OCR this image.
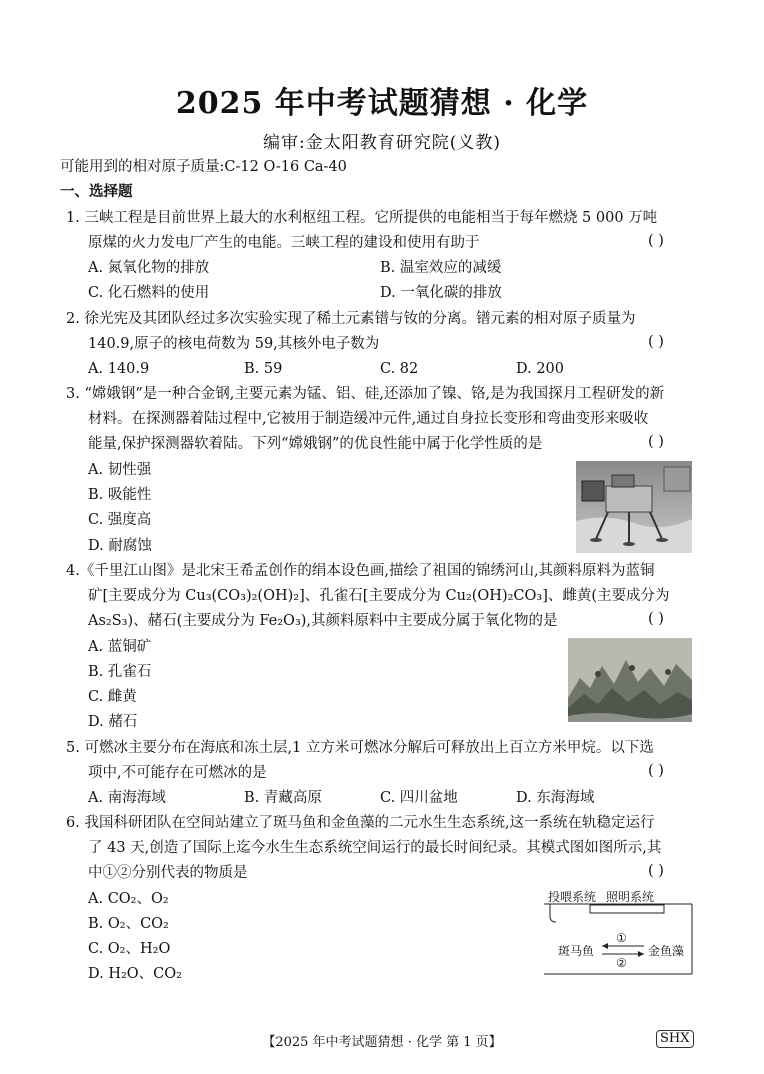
2025 年中考试题猜想 · 化学
编审:金太阳教育研究院(义教)
可能用到的相对原子质量:C-12 O-16 Ca-40
一、选择题
1. 三峡工程是目前世界上最大的水利枢纽工程。它所提供的电能相当于每年燃烧 5 000 万吨
原煤的火力发电厂产生的电能。三峡工程的建设和使用有助于	( )
A. 氮氧化物的排放	B. 温室效应的减缓
C. 化石燃料的使用	D. 一氧化碳的排放
2. 徐光宪及其团队经过多次实验实现了稀土元素镨与钕的分离。镨元素的相对原子质量为
140.9,原子的核电荷数为 59,其核外电子数为	( )
A. 140.9	B. 59	C. 82	D. 200
3. “嫦娥钢”是一种合金钢,主要元素为锰、铝、硅,还添加了镍、铬,是为我国探月工程研发的新
材料。在探测器着陆过程中,它被用于制造缓冲元件,通过自身拉长变形和弯曲变形来吸收
能量,保护探测器软着陆。下列“嫦娥钢”的优良性能中属于化学性质的是	( )
A. 韧性强
B. 吸能性
C. 强度高
D. 耐腐蚀
4.《千里江山图》是北宋王希孟创作的绢本设色画,描绘了祖国的锦绣河山,其颜料原料为蓝铜
矿[主要成分为 Cu₃(CO₃)₂(OH)₂]、孔雀石[主要成分为 Cu₂(OH)₂CO₃]、雌黄(主要成分为
As₂S₃)、赭石(主要成分为 Fe₂O₃),其颜料原料中主要成分属于氧化物的是	( )
A. 蓝铜矿
B. 孔雀石
C. 雌黄
D. 赭石
5. 可燃冰主要分布在海底和冻土层,1 立方米可燃冰分解后可释放出上百立方米甲烷。以下选
项中,不可能存在可燃冰的是	( )
A. 南海海域	B. 青藏高原	C. 四川盆地	D. 东海海域
6. 我国科研团队在空间站建立了斑马鱼和金鱼藻的二元水生生态系统,这一系统在轨稳定运行
了 43 天,创造了国际上迄今水生生态系统空间运行的最长时间纪录。其模式图如图所示,其
中①②分别代表的物质是	( )
A. CO₂、O₂
B. O₂、CO₂
C. O₂、H₂O
D. H₂O、CO₂
投喂系统 照明系统
斑马鱼	金鱼藻
①
②
【2025 年中考试题猜想 · 化学 第 1 页】	SHX
